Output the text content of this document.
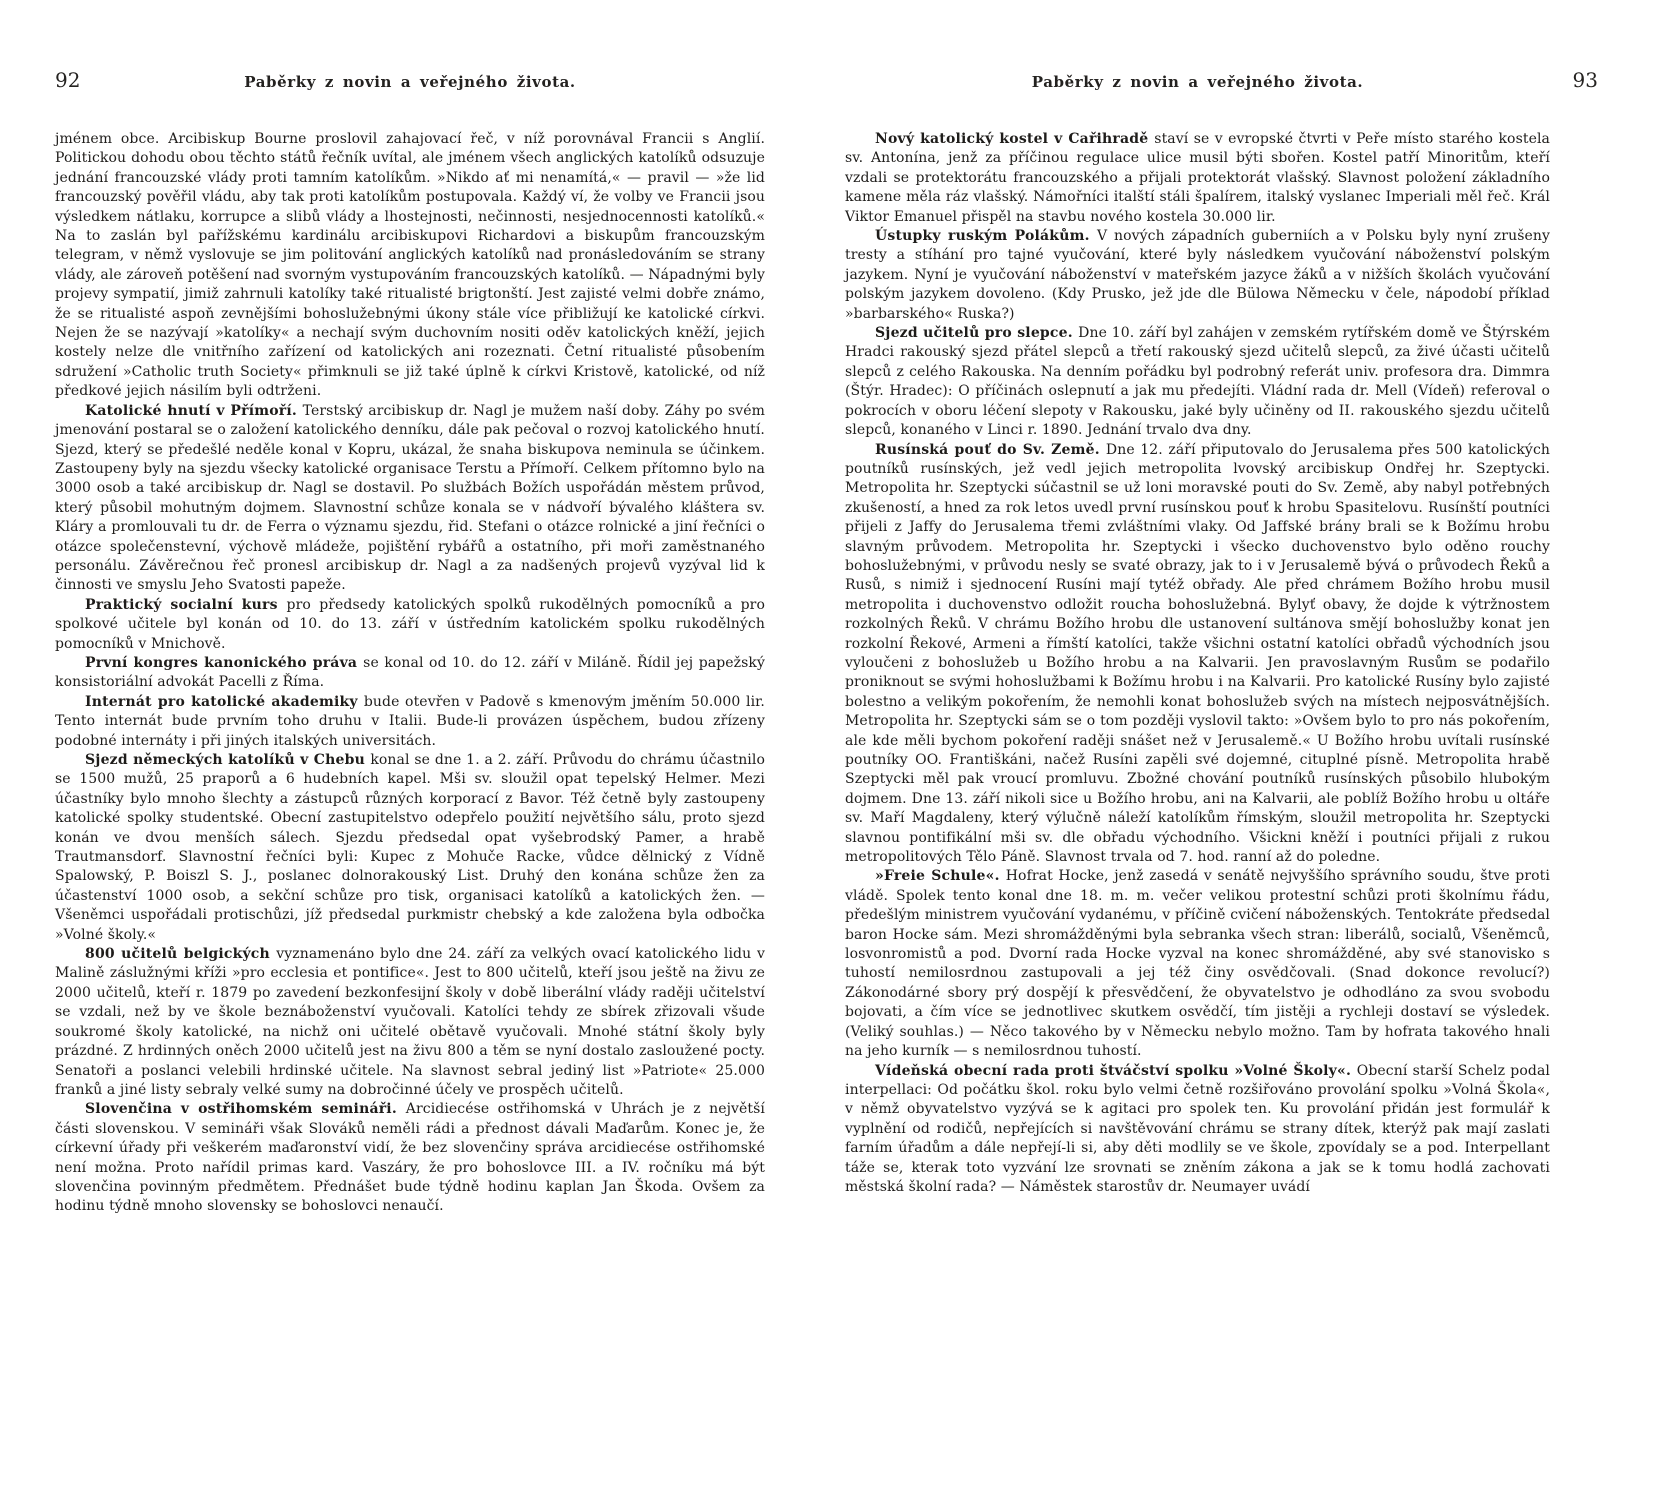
92	Paběrky z novin a veřejného života.

jménem obce. Arcibiskup Bourne proslovil zahajovací řeč, v níž porovnával Francii s Anglií. Politickou dohodu obou těchto států řečník uvítal, ale jménem všech anglických katolíků odsuzuje jednání francouzské vlády proti tamním katolíkům. »Nikdo ať mi nenamítá,« — pravil — »že lid francouzský pověřil vládu, aby tak proti katolíkům postupovala. Každý ví, že volby ve Francii jsou výsledkem nátlaku, korrupce a slibů vlády a lhostejnosti, nečinnosti, nesjednocennosti katolíků.« Na to zaslán byl pařížskému kardinálu arcibiskupovi Richardovi a biskupům francouzským telegram, v němž vyslovuje se jim politování anglických katolíků nad pronásledováním se strany vlády, ale zároveň potěšení nad svorným vystupováním francouzských katolíků. — Nápadnými byly projevy sympatií, jimiž zahrnuli katolíky také ritualisté brigtonští. Jest zajisté velmi dobře známo, že se ritualisté aspoň zevnějšími bohoslužebnými úkony stále více přibližují ke katolické církvi. Nejen že se nazývají »katolíky« a nechají svým duchovním nositi oděv katolických kněží, jejich kostely nelze dle vnitřního zařízení od katolických ani rozeznati. Četní ritualisté působením sdružení »Catholic truth Society« přimknuli se již také úplně k církvi Kristově, katolické, od níž předkové jejich násilím byli odtrženi.

Katolické hnutí v Přímoří. Terstský arcibiskup dr. Nagl je mužem naší doby. Záhy po svém jmenování postaral se o založení katolického denníku, dále pak pečoval o rozvoj katolického hnutí. Sjezd, který se předešlé neděle konal v Kopru, ukázal, že snaha biskupova neminula se účinkem. Zastoupeny byly na sjezdu všecky katolické organisace Terstu a Přímoří. Celkem přítomno bylo na 3000 osob a také arcibiskup dr. Nagl se dostavil. Po službách Božích uspořádán městem průvod, který působil mohutným dojmem. Slavnostní schůze konala se v nádvoří bývalého kláštera sv. Kláry a promlouvali tu dr. de Ferra o významu sjezdu, řid. Stefani o otázce rolnické a jiní řečníci o otázce společenstevní, výchově mládeže, pojištění rybářů a ostatního, při moři zaměstnaného personálu. Závěrečnou řeč pronesl arcibiskup dr. Nagl a za nadšených projevů vyzýval lid k činnosti ve smyslu Jeho Svatosti papeže.

Praktický socialní kurs pro předsedy katolických spolků rukodělných pomocníků a pro spolkové učitele byl konán od 10. do 13. září v ústředním katolickém spolku rukodělných pomocníků v Mnichově.

První kongres kanonického práva se konal od 10. do 12. září v Miláně. Řídil jej papežský konsistoriální advokát Pacelli z Říma.

Internát pro katolické akademiky bude otevřen v Padově s kmenovým jměním 50.000 lir. Tento internát bude prvním toho druhu v Italii. Bude-li provázen úspěchem, budou zřízeny podobné internáty i při jiných italských universitách.

Sjezd německých katolíků v Chebu konal se dne 1. a 2. září. Průvodu do chrámu účastnilo se 1500 mužů, 25 praporů a 6 hudebních kapel. Mši sv. sloužil opat tepelský Helmer. Mezi účastníky bylo mnoho šlechty a zástupců různých korporací z Bavor. Též četně byly zastoupeny katolické spolky studentské. Obecní zastupitelstvo odepřelo použití největšího sálu, proto sjezd konán ve dvou menších sálech. Sjezdu předsedal opat vyšebrodský Pamer, a hrabě Trautmansdorf. Slavnostní řečníci byli: Kupec z Mohuče Racke, vůdce dělnický z Vídně Spalowský, P. Boiszl S. J., poslanec dolnorakouský List. Druhý den konána schůze žen za účastenství 1000 osob, a sekční schůze pro tisk, organisaci katolíků a katolických žen. — Všeněmci uspořádali protischůzi, jíž předsedal purkmistr chebský a kde založena byla odbočka »Volné školy.«

800 učitelů belgických vyznamenáno bylo dne 24. září za velkých ovací katolického lidu v Malině záslužnými kříži »pro ecclesia et pontifice«. Jest to 800 učitelů, kteří jsou ještě na živu ze 2000 učitelů, kteří r. 1879 po zavedení bezkonfesijní školy v době liberální vlády raději učitelství se vzdali, než by ve škole beznáboženství vyučovali. Katolíci tehdy ze sbírek zřizovali všude soukromé školy katolické, na nichž oni učitelé obětavě vyučovali. Mnohé státní školy byly prázdné. Z hrdinných oněch 2000 učitelů jest na živu 800 a těm se nyní dostalo zasloužené pocty. Senatoři a poslanci velebili hrdinské učitele. Na slavnost sebral jediný list »Patriote« 25.000 franků a jiné listy sebraly velké sumy na dobročinné účely ve prospěch učitelů.

Slovenčina v ostřihomském semináři. Arcidiecése ostřihomská v Uhrách je z největší části slovenskou. V semináři však Slováků neměli rádi a přednost dávali Maďarům. Konec je, že církevní úřady při veškerém maďaronství vidí, že bez slovenčiny správa arcidiecése ostřihomské není možna. Proto nařídil primas kard. Vaszáry, že pro bohoslovce III. a IV. ročníku má být slovenčina povinným předmětem. Přednášet bude týdně hodinu kaplan Jan Škoda. Ovšem za hodinu týdně mnoho slovensky se bohoslovci nenaučí.

Paběrky z novin a veřejného života.	93

Nový katolický kostel v Cařihradě staví se v evropské čtvrti v Peře místo starého kostela sv. Antonína, jenž za příčinou regulace ulice musil býti sbořen. Kostel patří Minoritům, kteří vzdali se protektorátu francouzského a přijali protektorát vlašský. Slavnost položení základního kamene měla ráz vlašský. Námořníci italští stáli špalírem, italský vyslanec Imperiali měl řeč. Král Viktor Emanuel přispěl na stavbu nového kostela 30.000 lir.

Ústupky ruským Polákům. V nových západních guberniích a v Polsku byly nyní zrušeny tresty a stíhání pro tajné vyučování, které byly následkem vyučování náboženství polským jazykem. Nyní je vyučování náboženství v mateřském jazyce žáků a v nižších školách vyučování polským jazykem dovoleno. (Kdy Prusko, jež jde dle Bülowa Německu v čele, nápodobí příklad »barbarského« Ruska?)

Sjezd učitelů pro slepce. Dne 10. září byl zahájen v zemském rytířském domě ve Štýrském Hradci rakouský sjezd přátel slepců a třetí rakouský sjezd učitelů slepců, za živé účasti učitelů slepců z celého Rakouska. Na denním pořádku byl podrobný referát univ. profesora dra. Dimmra (Štýr. Hradec): O příčinách oslepnutí a jak mu předejíti. Vládní rada dr. Mell (Vídeň) referoval o pokrocích v oboru léčení slepoty v Rakousku, jaké byly učiněny od II. rakouského sjezdu učitelů slepců, konaného v Linci r. 1890. Jednání trvalo dva dny.

Rusínská pouť do Sv. Země. Dne 12. září připutovalo do Jerusalema přes 500 katolických poutníků rusínských, jež vedl jejich metropolita lvovský arcibiskup Ondřej hr. Szeptycki. Metropolita hr. Szeptycki súčastnil se už loni moravské pouti do Sv. Země, aby nabyl potřebných zkušeností, a hned za rok letos uvedl první rusínskou pouť k hrobu Spasitelovu. Rusínští poutníci přijeli z Jaffy do Jerusalema třemi zvláštními vlaky. Od Jaffské brány brali se k Božímu hrobu slavným průvodem. Metropolita hr. Szeptycki i všecko duchovenstvo bylo oděno rouchy bohoslužebnými, v průvodu nesly se svaté obrazy, jak to i v Jerusalemě bývá o průvodech Řeků a Rusů, s nimiž i sjednocení Rusíni mají tytéž obřady. Ale před chrámem Božího hrobu musil metropolita i duchovenstvo odložit roucha bohoslužebná. Bylyť obavy, že dojde k výtržnostem rozkolných Řeků. V chrámu Božího hrobu dle ustanovení sultánova smějí bohoslužby konat jen rozkolní Řekové, Armeni a římští katolíci, takže všichni ostatní katolíci obřadů východních jsou vyloučeni z bohoslužeb u Božího hrobu a na Kalvarii. Jen pravoslavným Rusům se podařilo proniknout se svými hohoslužbami k Božímu hrobu i na Kalvarii. Pro katolické Rusíny bylo zajisté bolestno a velikým pokořením, že nemohli konat bohoslužeb svých na místech nejposvátnějších. Metropolita hr. Szeptycki sám se o tom později vyslovil takto: »Ovšem bylo to pro nás pokořením, ale kde měli bychom pokoření raději snášet než v Jerusalemě.« U Božího hrobu uvítali rusínské poutníky OO. Františkáni, načež Rusíni zapěli své dojemné, cituplné písně. Metropolita hrabě Szeptycki měl pak vroucí promluvu. Zbožné chování poutníků rusínských působilo hlubokým dojmem. Dne 13. září nikoli sice u Božího hrobu, ani na Kalvarii, ale poblíž Božího hrobu u oltáře sv. Maří Magdaleny, který výlučně náleží katolíkům římským, sloužil metropolita hr. Szeptycki slavnou pontifikální mši sv. dle obřadu východního. Všickni kněží i poutníci přijali z rukou metropolitových Tělo Páně. Slavnost trvala od 7. hod. ranní až do poledne.

»Freie Schule«. Hofrat Hocke, jenž zasedá v senátě nejvyššího správního soudu, štve proti vládě. Spolek tento konal dne 18. m. m. večer velikou protestní schůzi proti školnímu řádu, předešlým ministrem vyučování vydanému, v příčině cvičení náboženských. Tentokráte předsedal baron Hocke sám. Mezi shromážděnými byla sebranka všech stran: liberálů, socialů, Všeněmců, losvonromistů a pod. Dvorní rada Hocke vyzval na konec shromážděné, aby své stanovisko s tuhostí nemilosrdnou zastupovali a jej též činy osvědčovali. (Snad dokonce revolucí?) Zákonodárné sbory prý dospějí k přesvědčení, že obyvatelstvo je odhodláno za svou svobodu bojovati, a čím více se jednotlivec skutkem osvědčí, tím jistěji a rychleji dostaví se výsledek. (Veliký souhlas.) — Něco takového by v Německu nebylo možno. Tam by hofrata takového hnali na jeho kurník — s nemilosrdnou tuhostí.

Vídeňská obecní rada proti štváčství spolku »Volné Školy«. Obecní starší Schelz podal interpellaci: Od počátku škol. roku bylo velmi četně rozšiřováno provolání spolku »Volná Škola«, v němž obyvatelstvo vyzývá se k agitaci pro spolek ten. Ku provolání přidán jest formulář k vyplnění od rodičů, nepřejících si navštěvování chrámu se strany dítek, kterýž pak mají zaslati farním úřadům a dále nepřejí-li si, aby děti modlily se ve škole, zpovídaly se a pod. Interpellant táže se, kterak toto vyzvání lze srovnati se zněním zákona a jak se k tomu hodlá zachovati městská školní rada? — Náměstek starostův dr. Neumayer uvádí
